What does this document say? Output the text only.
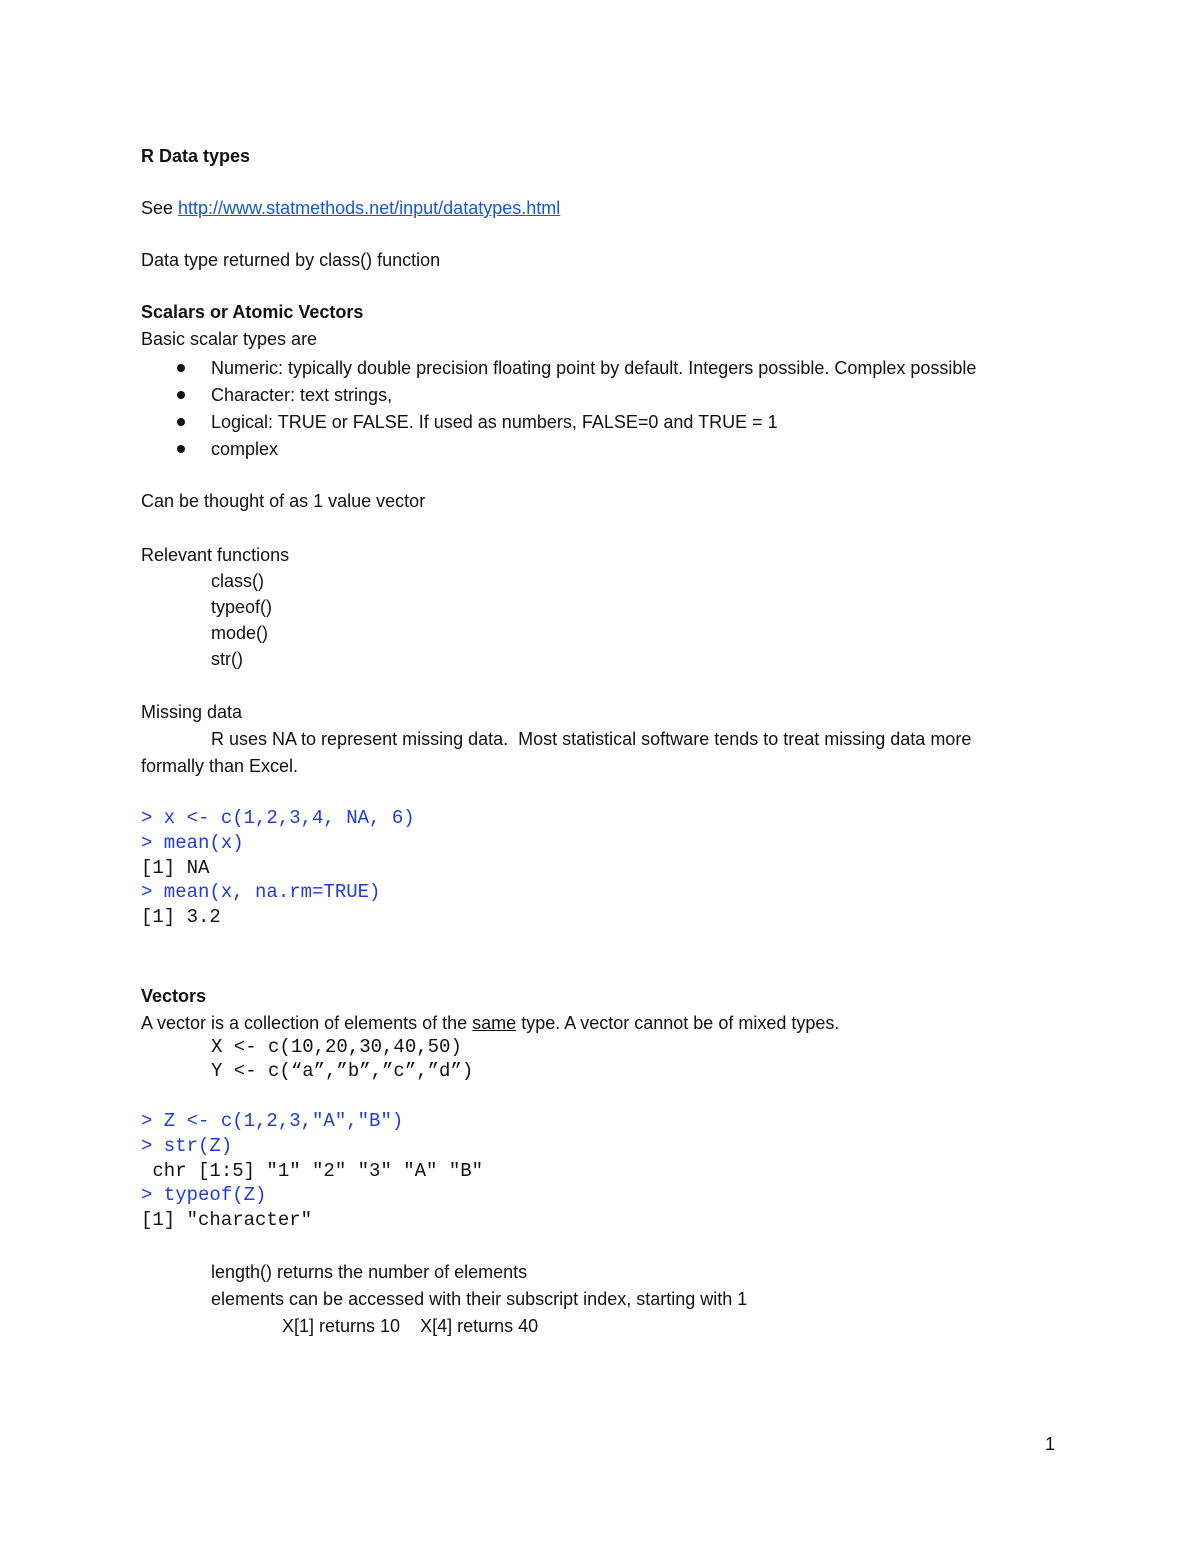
R Data types
See http://www.statmethods.net/input/datatypes.html
Data type returned by class() function
Scalars or Atomic Vectors
Basic scalar types are
Numeric: typically double precision floating point by default. Integers possible. Complex possible
Character: text strings,
Logical: TRUE or FALSE. If used as numbers, FALSE=0 and TRUE = 1
complex
Can be thought of as 1 value vector
Relevant functions
class()
typeof()
mode()
str()
Missing data
R uses NA to represent missing data.  Most statistical software tends to treat missing data more
formally than Excel.
> x <- c(1,2,3,4, NA, 6)
> mean(x)
[1] NA
> mean(x, na.rm=TRUE)
[1] 3.2
Vectors
A vector is a collection of elements of the same type. A vector cannot be of mixed types.
X <- c(10,20,30,40,50)
Y <- c(“a”,”b”,”c”,”d”)
> Z <- c(1,2,3,"A","B")
> str(Z)
chr [1:5] "1" "2" "3" "A" "B"
> typeof(Z)
[1] "character"
length() returns the number of elements
elements can be accessed with their subscript index, starting with 1
X[1] returns 10    X[4] returns 40
1
